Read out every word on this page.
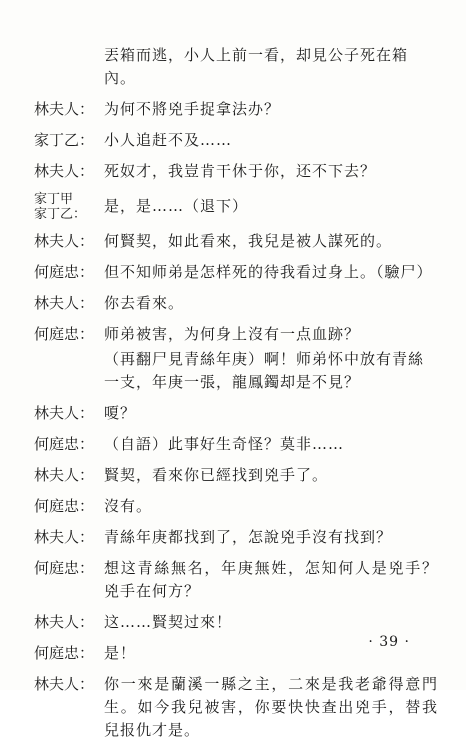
丟箱而逃，小人上前一看，却見公子死在箱內。
林夫人： 为何不將兇手捉拿法办？
家丁乙： 小人追赶不及……
林夫人： 死奴才，我豈肯干休于你，还不下去？
家丁甲
家丁乙：	是，是……（退下）
林夫人： 何賢契，如此看來，我兒是被人謀死的。
何庭忠： 但不知师弟是怎样死的待我看过身上。（驗尸）
林夫人： 你去看來。
何庭忠： 师弟被害，为何身上沒有一点血跡？
（再翻尸見青絲年庚）啊！师弟怀中放有青絲一支，年庚一張，龍鳳鐲却是不見？
林夫人： 嗄？
何庭忠： （自語）此事好生奇怪？莫非……
林夫人： 賢契，看來你已經找到兇手了。
何庭忠： 沒有。
林夫人： 青絲年庚都找到了，怎說兇手沒有找到？
何庭忠： 想这青絲無名，年庚無姓，怎知何人是兇手？兇手在何方？
林夫人： 这……賢契过來！
何庭忠： 是！
林夫人： 你一來是蘭溪一縣之主，二來是我老爺得意門生。如今我兒被害，你要快快查出兇手，替我兒报仇才是。
· 39 ·
